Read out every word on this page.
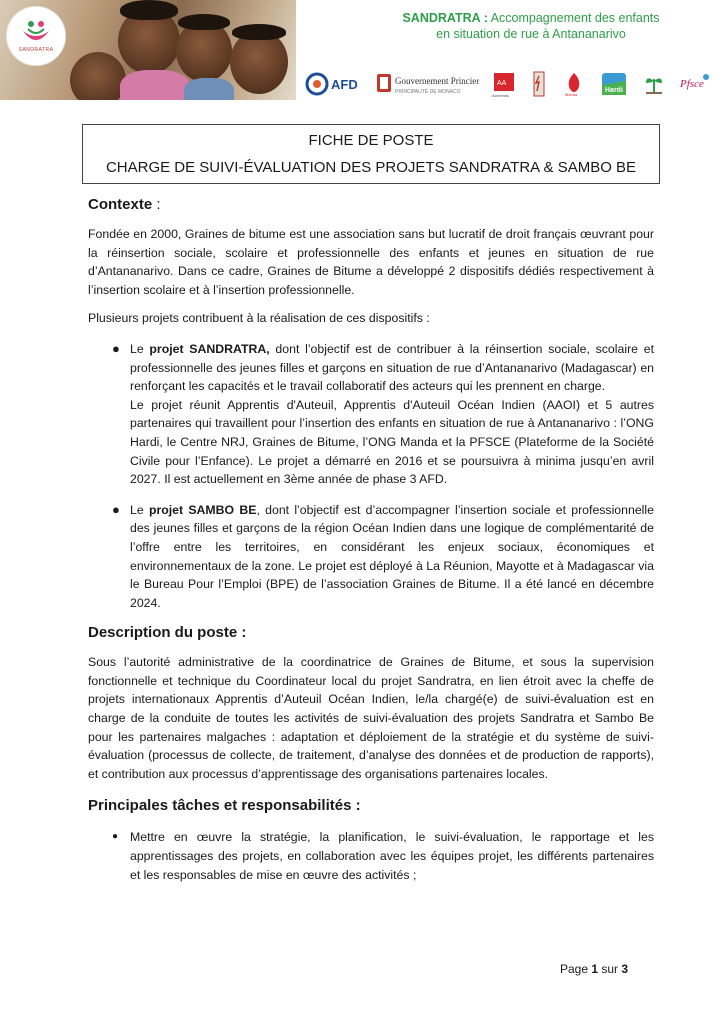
SANDRATRA
SANDRATRA : Accompagnement des enfants
en situation de rue à Antananarivo
AFD	Gouvernement Princier
PRINCIPAUTÉ DE MONACO
AA
Apprentis	Manda
Hardi
Pfsce
FICHE DE POSTE
CHARGE DE SUIVI-ÉVALUATION DES PROJETS SANDRATRA & SAMBO BE
Contexte :

Fondée en 2000, Graines de bitume est une association sans but lucratif de droit français œuvrant pour la réinsertion sociale, scolaire et professionnelle des enfants et jeunes en situation de rue d’Antananarivo. Dans ce cadre, Graines de Bitume a développé 2 dispositifs dédiés respectivement à l’insertion scolaire et à l’insertion professionnelle.

Plusieurs projets contribuent à la réalisation de ces dispositifs :

● Le projet SANDRATRA, dont l’objectif est de contribuer à la réinsertion sociale, scolaire et professionnelle des jeunes filles et garçons en situation de rue d’Antananarivo (Madagascar) en renforçant les capacités et le travail collaboratif des acteurs qui les prennent en charge.
Le projet réunit Apprentis d'Auteuil, Apprentis d'Auteuil Océan Indien (AAOI) et 5 autres partenaires qui travaillent pour l’insertion des enfants en situation de rue à Antananarivo : l’ONG Hardi, le Centre NRJ, Graines de Bitume, l’ONG Manda et la PFSCE (Plateforme de la Société Civile pour l’Enfance). Le projet a démarré en 2016 et se poursuivra à minima jusqu’en avril 2027. Il est actuellement en 3ème année de phase 3 AFD.
● Le projet SAMBO BE, dont l’objectif est d’accompagner l’insertion sociale et professionnelle des jeunes filles et garçons de la région Océan Indien dans une logique de complémentarité de l’offre entre les territoires, en considérant les enjeux sociaux, économiques et environnementaux de la zone. Le projet est déployé à La Réunion, Mayotte et à Madagascar via le Bureau Pour l’Emploi (BPE) de l’association Graines de Bitume. Il a été lancé en décembre 2024.
Description du poste :

Sous l’autorité administrative de la coordinatrice de Graines de Bitume, et sous la supervision fonctionnelle et technique du Coordinateur local du projet Sandratra, en lien étroit avec la cheffe de projets internationaux Apprentis d’Auteuil Océan Indien, le/la chargé(e) de suivi-évaluation est en charge de la conduite de toutes les activités de suivi-évaluation des projets Sandratra et Sambo Be pour les partenaires malgaches : adaptation et déploiement de la stratégie et du système de suivi-évaluation (processus de collecte, de traitement, d’analyse des données et de production de rapports), et contribution aux processus d’apprentissage des organisations partenaires locales.

Principales tâches et responsabilités :
● Mettre en œuvre la stratégie, la planification, le suivi-évaluation, le rapportage et les apprentissages des projets, en collaboration avec les équipes projet, les différents partenaires et les responsables de mise en œuvre des activités ;
Page 1 sur 3
